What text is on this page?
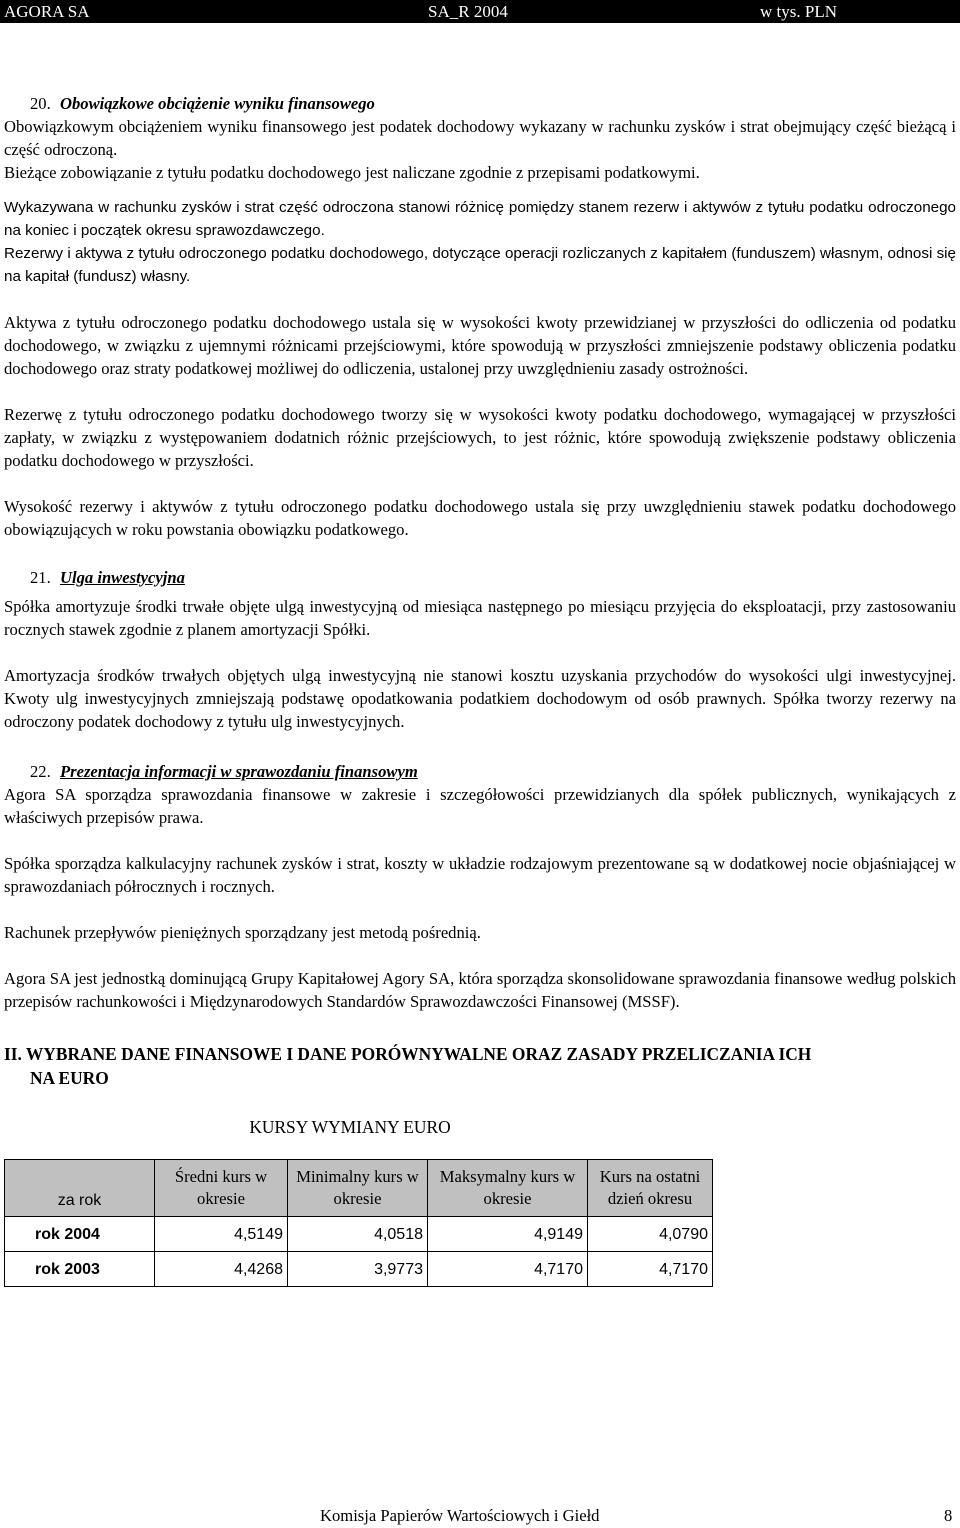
AGORA SA	SA_R 2004	w tys. PLN
20. Obowiązkowe obciążenie wyniku finansowego

Obowiązkowym obciążeniem wyniku finansowego jest podatek dochodowy wykazany w rachunku zysków i strat obejmujący część bieżącą i część odroczoną.

Bieżące zobowiązanie z tytułu podatku dochodowego jest naliczane zgodnie z przepisami podatkowymi.

Wykazywana w rachunku zysków i strat część odroczona stanowi różnicę pomiędzy stanem rezerw i aktywów z tytułu podatku odroczonego na koniec i początek okresu sprawozdawczego.

Rezerwy i aktywa z tytułu odroczonego podatku dochodowego, dotyczące operacji rozliczanych z kapitałem (funduszem) własnym, odnosi się na kapitał (fundusz) własny.

Aktywa z tytułu odroczonego podatku dochodowego ustala się w wysokości kwoty przewidzianej w przyszłości do odliczenia od podatku dochodowego, w związku z ujemnymi różnicami przejściowymi, które spowodują w przyszłości zmniejszenie podstawy obliczenia podatku dochodowego oraz straty podatkowej możliwej do odliczenia, ustalonej przy uwzględnieniu zasady ostrożności.

Rezerwę z tytułu odroczonego podatku dochodowego tworzy się w wysokości kwoty podatku dochodowego, wymagającej w przyszłości zapłaty, w związku z występowaniem dodatnich różnic przejściowych, to jest różnic, które spowodują zwiększenie podstawy obliczenia podatku dochodowego w przyszłości.

Wysokość rezerwy i aktywów z tytułu odroczonego podatku dochodowego ustala się przy uwzględnieniu stawek podatku dochodowego obowiązujących w roku powstania obowiązku podatkowego.

21. Ulga inwestycyjna

Spółka amortyzuje środki trwałe objęte ulgą inwestycyjną od miesiąca następnego po miesiącu przyjęcia do eksploatacji, przy zastosowaniu rocznych stawek zgodnie z planem amortyzacji Spółki.

Amortyzacja środków trwałych objętych ulgą inwestycyjną nie stanowi kosztu uzyskania przychodów do wysokości ulgi inwestycyjnej. Kwoty ulg inwestycyjnych zmniejszają podstawę opodatkowania podatkiem dochodowym od osób prawnych. Spółka tworzy rezerwy na odroczony podatek dochodowy z tytułu ulg inwestycyjnych.

22. Prezentacja informacji w sprawozdaniu finansowym

Agora SA sporządza sprawozdania finansowe w zakresie i szczegółowości przewidzianych dla spółek publicznych, wynikających z właściwych przepisów prawa.

Spółka sporządza kalkulacyjny rachunek zysków i strat, koszty w układzie rodzajowym prezentowane są w dodatkowej nocie objaśniającej w sprawozdaniach półrocznych i rocznych.

Rachunek przepływów pieniężnych sporządzany jest metodą pośrednią.

Agora SA jest jednostką dominującą Grupy Kapitałowej Agory SA, która sporządza skonsolidowane sprawozdania finansowe według polskich przepisów rachunkowości i Międzynarodowych Standardów Sprawozdawczości Finansowej (MSSF).

II. WYBRANE DANE FINANSOWE I DANE PORÓWNYWALNE ORAZ ZASADY PRZELICZANIA ICH
NA EURO
KURSY WYMIANY EURO
za rok	Średni kurs w okresie	Minimalny kurs w okresie	Maksymalny kurs w okresie	Kurs na ostatni dzień okresu
rok 2004	4,5149	4,0518	4,9149	4,0790
rok 2003	4,4268	3,9773	4,7170	4,7170
Komisja Papierów Wartościowych i Giełd	8
